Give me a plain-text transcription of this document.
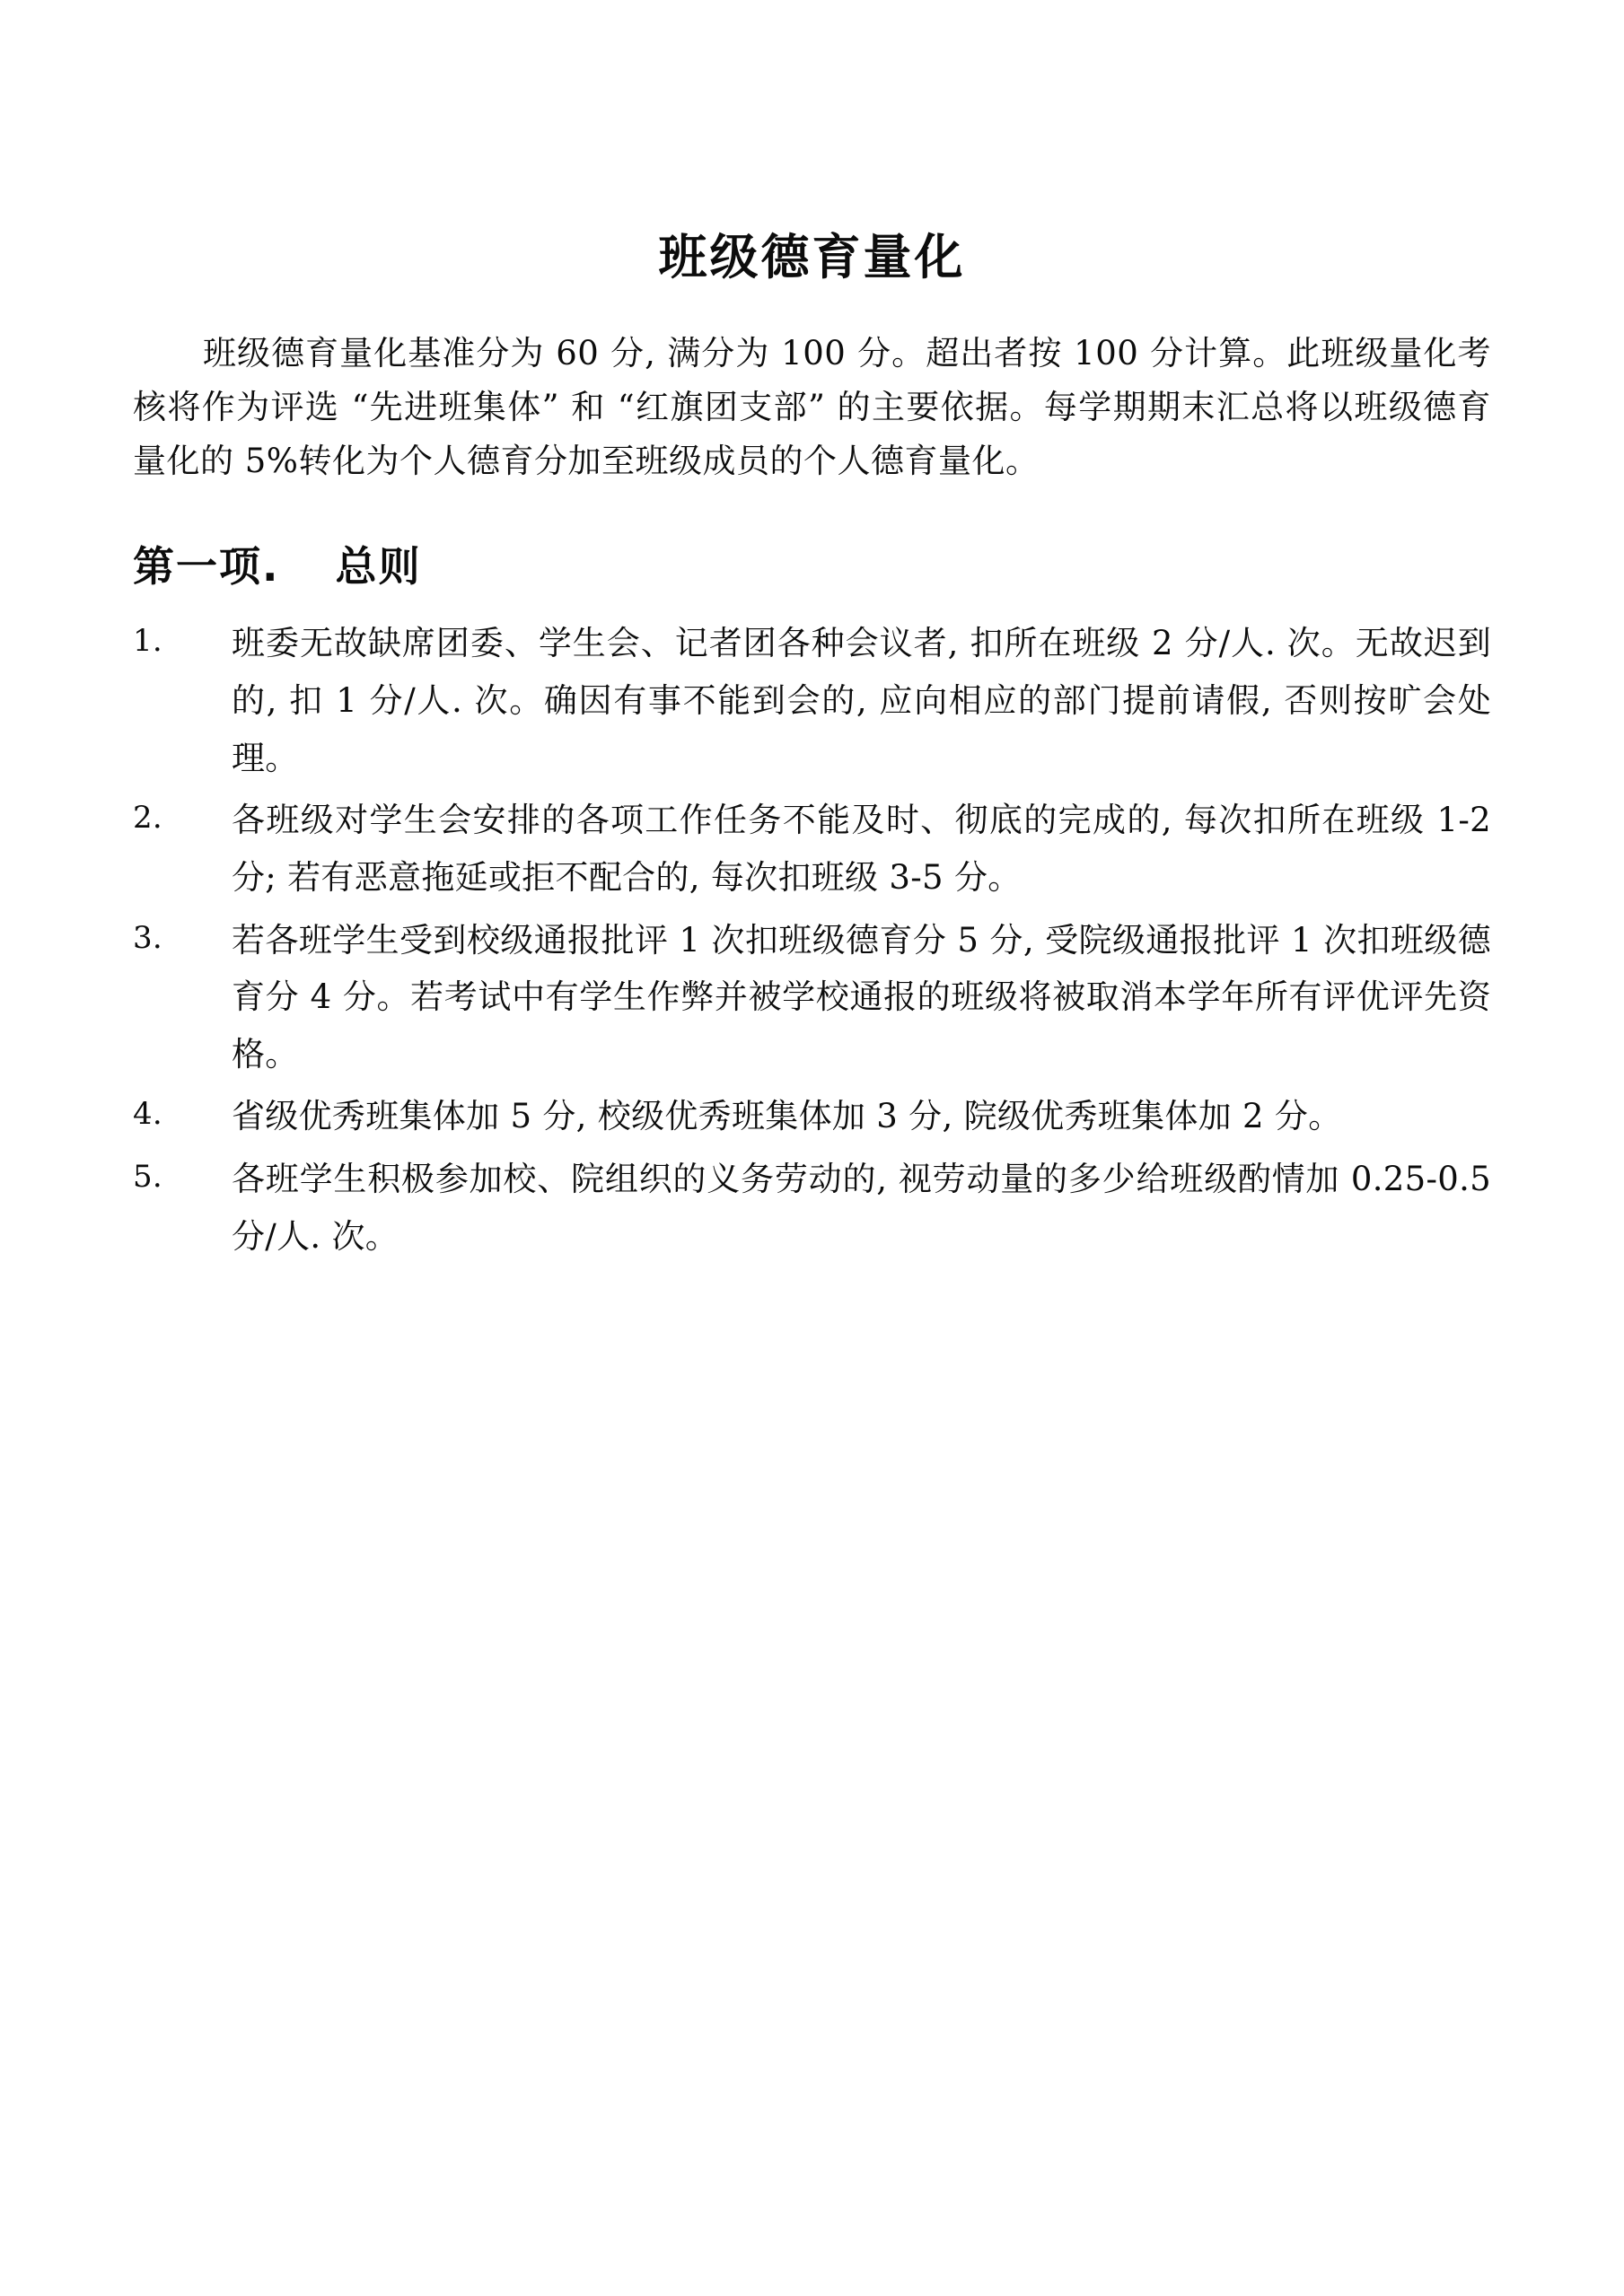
班级德育量化

班级德育量化基准分为 60 分, 满分为 100 分。超出者按 100 分计算。此班级量化考核将作为评选 “先进班集体” 和 “红旗团支部” 的主要依据。每学期期末汇总将以班级德育量化的 5%转化为个人德育分加至班级成员的个人德育量化。

第一项. 总则
1.	班委无故缺席团委、学生会、记者团各种会议者, 扣所在班级 2 分/人. 次。无故迟到的, 扣 1 分/人. 次。确因有事不能到会的, 应向相应的部门提前请假, 否则按旷会处理。
2.	各班级对学生会安排的各项工作任务不能及时、彻底的完成的, 每次扣所在班级 1-2 分; 若有恶意拖延或拒不配合的, 每次扣班级 3-5 分。
3.	若各班学生受到校级通报批评 1 次扣班级德育分 5 分, 受院级通报批评 1 次扣班级德育分 4 分。若考试中有学生作弊并被学校通报的班级将被取消本学年所有评优评先资格。
4.	省级优秀班集体加 5 分, 校级优秀班集体加 3 分, 院级优秀班集体加 2 分。
5.	各班学生积极参加校、院组织的义务劳动的, 视劳动量的多少给班级酌情加 0.25-0.5 分/人. 次。
